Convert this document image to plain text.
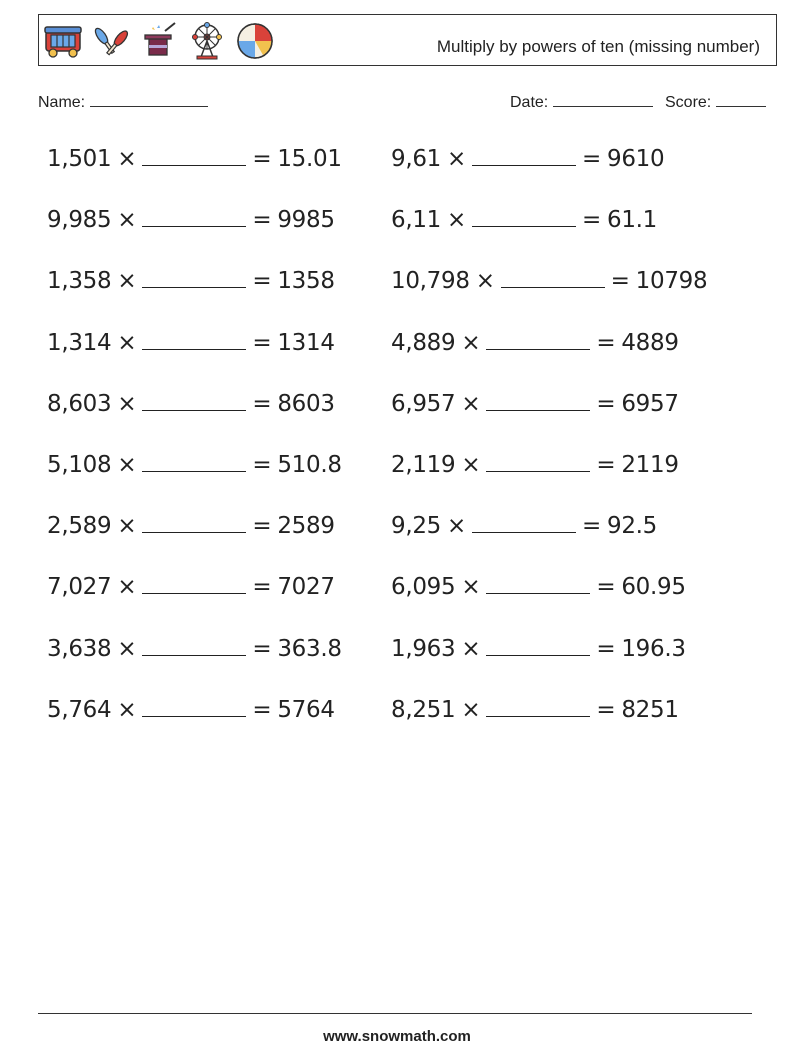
Multiply by powers of ten (missing number)
Name:	Date:	Score:
1,501 ×	= 15.01
9,985 ×	= 9985
1,358 ×	= 1358
1,314 ×	= 1314
8,603 ×	= 8603
5,108 ×	= 510.8
2,589 ×	= 2589
7,027 ×	= 7027
3,638 ×	= 363.8
5,764 ×	= 5764
9,61 ×	= 9610
6,11 ×	= 61.1
10,798 ×	= 10798
4,889 ×	= 4889
6,957 ×	= 6957
2,119 ×	= 2119
9,25 ×	= 92.5
6,095 ×	= 60.95
1,963 ×	= 196.3
8,251 ×	= 8251
www.snowmath.com
